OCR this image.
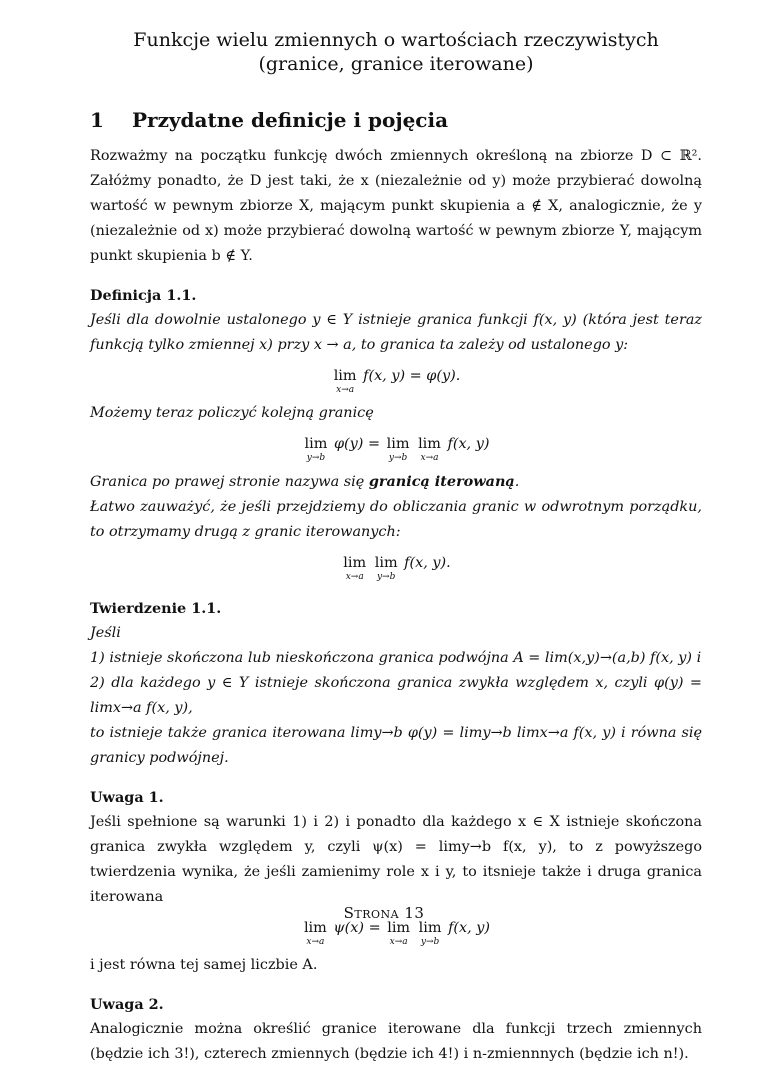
Funkcje wielu zmiennych o wartościach rzeczywistych
(granice, granice iterowane)
1	Przydatne definicje i pojęcia

Rozważmy na początku funkcję dwóch zmiennych określoną na zbiorze D ⊂ ℝ². Załóżmy ponadto, że D jest taki, że x (niezależnie od y) może przybierać dowolną wartość w pewnym zbiorze X, mającym punkt skupienia a ∉ X, analogicznie, że y (niezależnie od x) może przybierać dowolną wartość w pewnym zbiorze Y, mającym punkt skupienia b ∉ Y.

Definicja 1.1.

Jeśli dla dowolnie ustalonego y ∈ Y istnieje granica funkcji f(x, y) (która jest teraz funkcją tylko zmiennej x) przy x → a, to granica ta zależy od ustalonego y:

lim
x→a
f(x, y) = φ(y).

Możemy teraz policzyć kolejną granicę

lim
y→b
φ(y) = lim
y→b

lim
x→a
f(x, y)

Granica po prawej stronie nazywa się granicą iterowaną.

Łatwo zauważyć, że jeśli przejdziemy do obliczania granic w odwrotnym porządku, to otrzymamy drugą z granic iterowanych:

lim
x→a

lim
y→b
f(x, y).
Twierdzenie 1.1.

Jeśli

1) istnieje skończona lub nieskończona granica podwójna A = lim(x,y)→(a,b) f(x, y) i

2) dla każdego y ∈ Y istnieje skończona granica zwykła względem x, czyli φ(y) = limx→a f(x, y),

to istnieje także granica iterowana limy→b φ(y) = limy→b limx→a f(x, y) i równa się granicy podwójnej.

Uwaga 1.

Jeśli spełnione są warunki 1) i 2) i ponadto dla każdego x ∈ X istnieje skończona granica zwykła względem y, czyli ψ(x) = limy→b f(x, y), to z powyższego twierdzenia wynika, że jeśli zamienimy role x i y, to itsnieje także i druga granica iterowana

lim
x→a
ψ(x) = lim
x→a

lim
y→b
f(x, y)

i jest równa tej samej liczbie A.

Uwaga 2.

Analogicznie można określić granice iterowane dla funkcji trzech zmiennych (będzie ich 3!), czterech zmiennych (będzie ich 4!) i n-zmiennnych (będzie ich n!).

Strona 13
